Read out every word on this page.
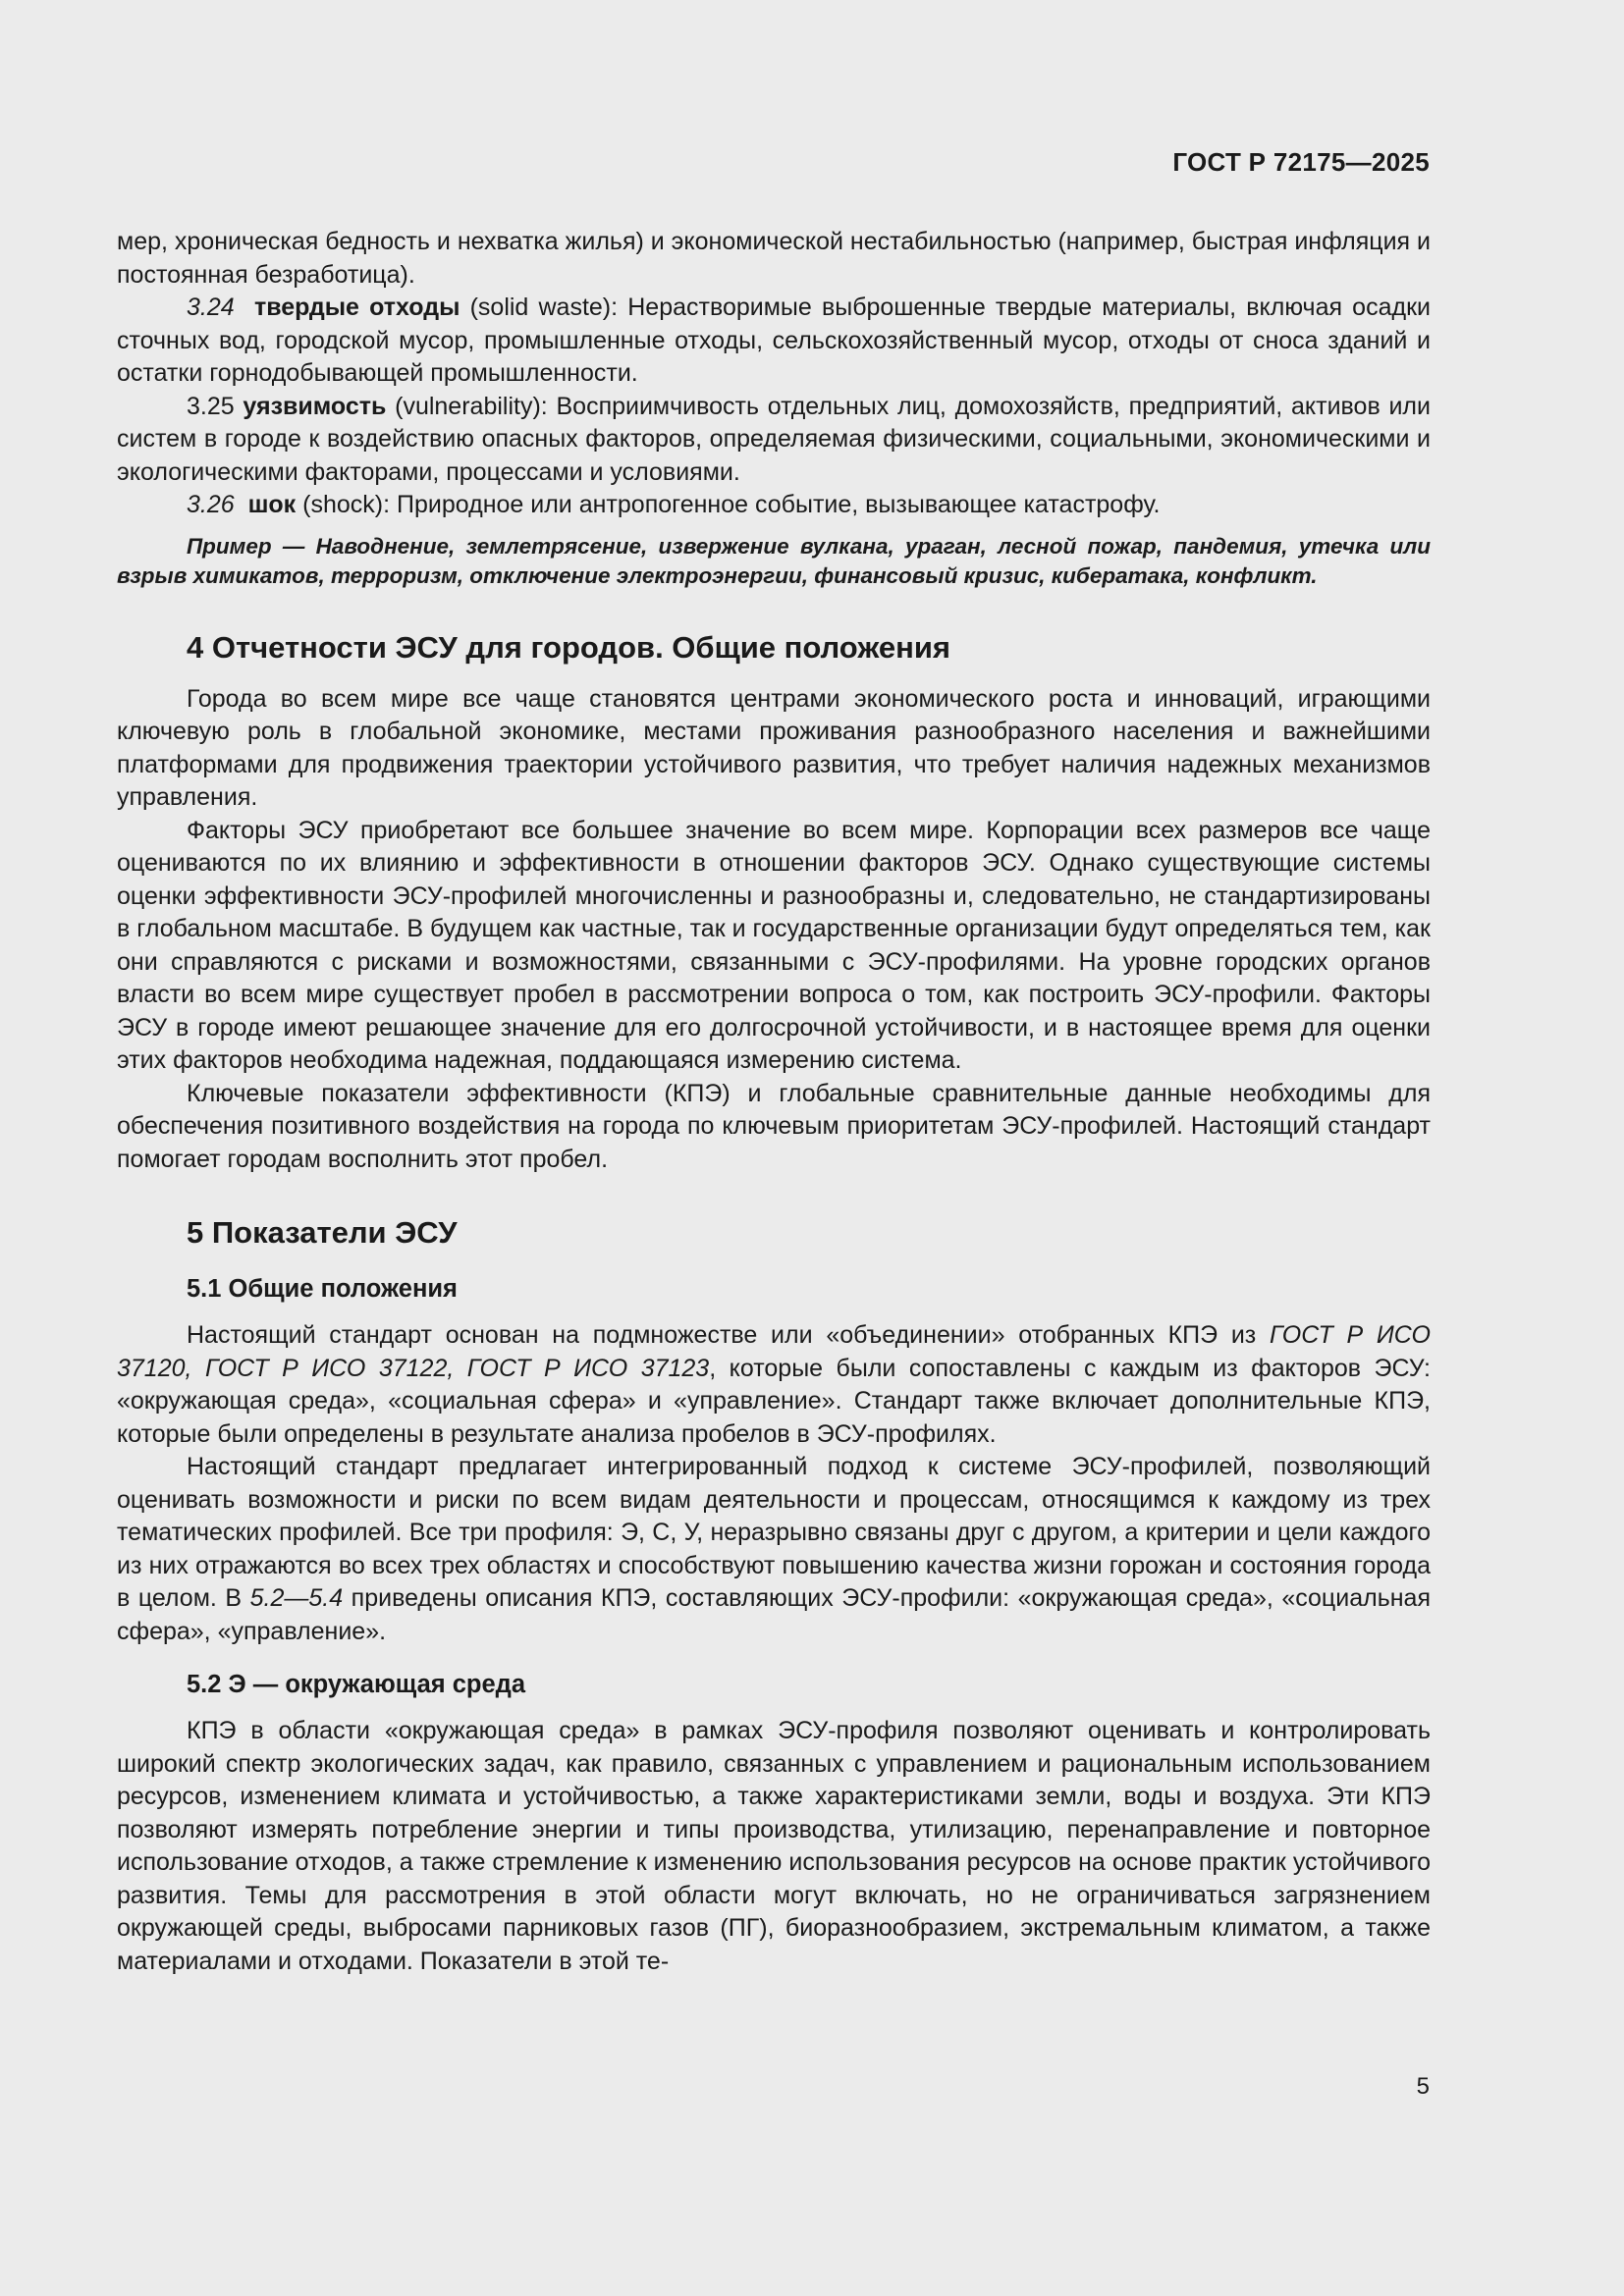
ГОСТ Р 72175—2025

мер, хроническая бедность и нехватка жилья) и экономической нестабильностью (например, быстрая инфляция и постоянная безработица).

3.24 твердые отходы (solid waste): Нерастворимые выброшенные твердые материалы, включая осадки сточных вод, городской мусор, промышленные отходы, сельскохозяйственный мусор, отходы от сноса зданий и остатки горнодобывающей промышленности.

3.25 уязвимость (vulnerability): Восприимчивость отдельных лиц, домохозяйств, предприятий, активов или систем в городе к воздействию опасных факторов, определяемая физическими, социальными, экономическими и экологическими факторами, процессами и условиями.

3.26 шок (shock): Природное или антропогенное событие, вызывающее катастрофу.

Пример — Наводнение, землетрясение, извержение вулкана, ураган, лесной пожар, пандемия, утечка или взрыв химикатов, терроризм, отключение электроэнергии, финансовый кризис, кибератака, конфликт.

4 Отчетности ЭСУ для городов. Общие положения

Города во всем мире все чаще становятся центрами экономического роста и инноваций, играющими ключевую роль в глобальной экономике, местами проживания разнообразного населения и важнейшими платформами для продвижения траектории устойчивого развития, что требует наличия надежных механизмов управления.

Факторы ЭСУ приобретают все большее значение во всем мире. Корпорации всех размеров все чаще оцениваются по их влиянию и эффективности в отношении факторов ЭСУ. Однако существующие системы оценки эффективности ЭСУ-профилей многочисленны и разнообразны и, следовательно, не стандартизированы в глобальном масштабе. В будущем как частные, так и государственные организации будут определяться тем, как они справляются с рисками и возможностями, связанными с ЭСУ-профилями. На уровне городских органов власти во всем мире существует пробел в рассмотрении вопроса о том, как построить ЭСУ-профили. Факторы ЭСУ в городе имеют решающее значение для его долгосрочной устойчивости, и в настоящее время для оценки этих факторов необходима надежная, поддающаяся измерению система.

Ключевые показатели эффективности (КПЭ) и глобальные сравнительные данные необходимы для обеспечения позитивного воздействия на города по ключевым приоритетам ЭСУ-профилей. Настоящий стандарт помогает городам восполнить этот пробел.

5 Показатели ЭСУ
5.1 Общие положения

Настоящий стандарт основан на подмножестве или «объединении» отобранных КПЭ из ГОСТ Р ИСО 37120, ГОСТ Р ИСО 37122, ГОСТ Р ИСО 37123, которые были сопоставлены с каждым из факторов ЭСУ: «окружающая среда», «социальная сфера» и «управление». Стандарт также включает дополнительные КПЭ, которые были определены в результате анализа пробелов в ЭСУ-профилях.

Настоящий стандарт предлагает интегрированный подход к системе ЭСУ-профилей, позволяющий оценивать возможности и риски по всем видам деятельности и процессам, относящимся к каждому из трех тематических профилей. Все три профиля: Э, С, У, неразрывно связаны друг с другом, а критерии и цели каждого из них отражаются во всех трех областях и способствуют повышению качества жизни горожан и состояния города в целом. В 5.2—5.4 приведены описания КПЭ, составляющих ЭСУ-профили: «окружающая среда», «социальная сфера», «управление».

5.2 Э — окружающая среда

КПЭ в области «окружающая среда» в рамках ЭСУ-профиля позволяют оценивать и контролировать широкий спектр экологических задач, как правило, связанных с управлением и рациональным использованием ресурсов, изменением климата и устойчивостью, а также характеристиками земли, воды и воздуха. Эти КПЭ позволяют измерять потребление энергии и типы производства, утилизацию, перенаправление и повторное использование отходов, а также стремление к изменению использования ресурсов на основе практик устойчивого развития. Темы для рассмотрения в этой области могут включать, но не ограничиваться загрязнением окружающей среды, выбросами парниковых газов (ПГ), биоразнообразием, экстремальным климатом, а также материалами и отходами. Показатели в этой те-

5
